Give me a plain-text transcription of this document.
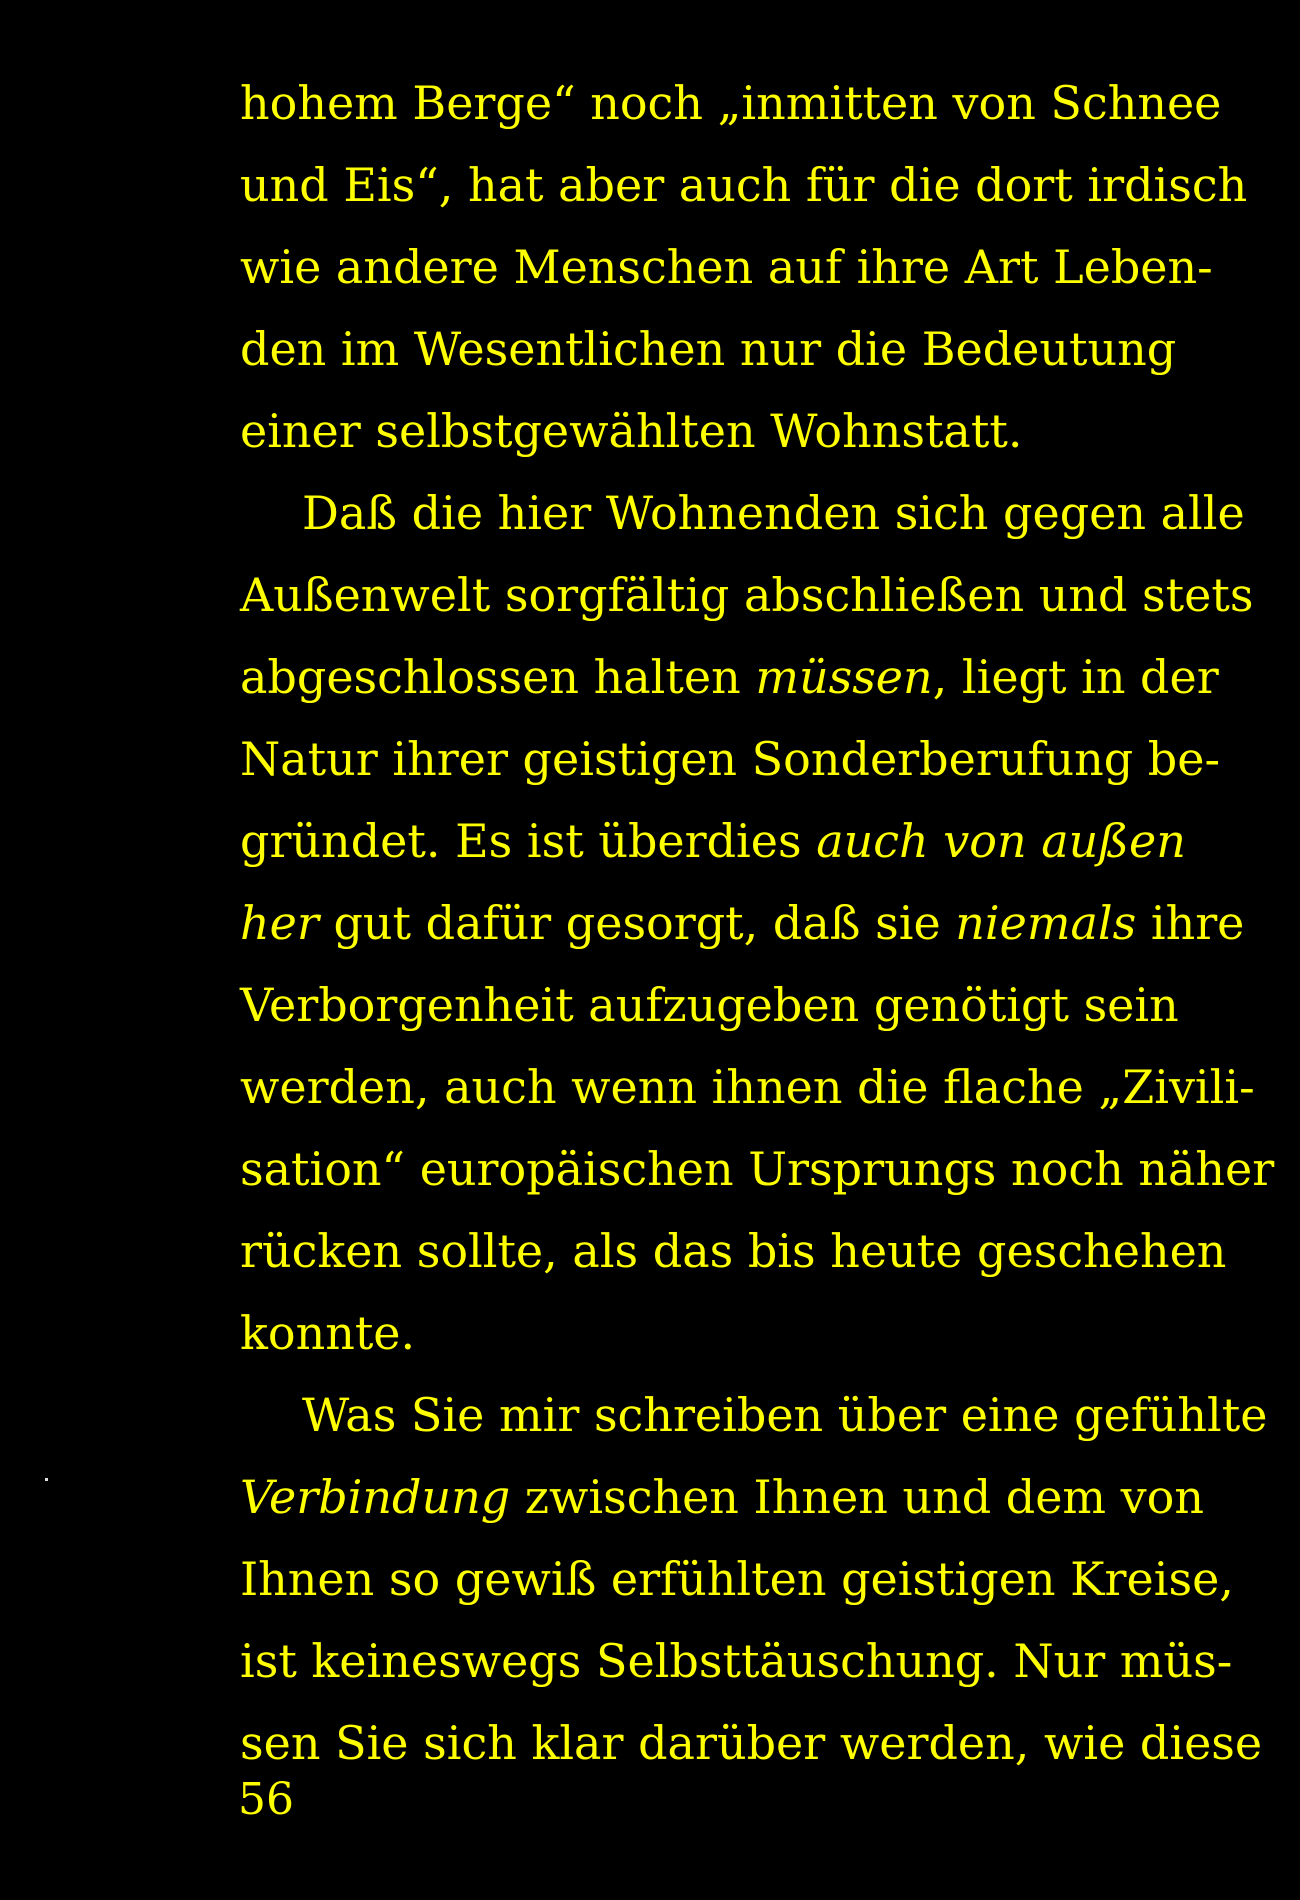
hohem Berge“ noch „inmitten von Schnee
und Eis“, hat aber auch für die dort irdisch
wie andere Menschen auf ihre Art Leben-
den im Wesentlichen nur die Bedeutung
einer selbstgewählten Wohnstatt.
Daß die hier Wohnenden sich gegen alle
Außenwelt sorgfältig abschließen und stets
abgeschlossen halten müssen, liegt in der
Natur ihrer geistigen Sonderberufung be-
gründet. Es ist überdies auch von außen
her gut dafür gesorgt, daß sie niemals ihre
Verborgenheit aufzugeben genötigt sein
werden, auch wenn ihnen die flache „Zivili-
sation“ europäischen Ursprungs noch näher
rücken sollte, als das bis heute geschehen
konnte.
Was Sie mir schreiben über eine gefühlte
Verbindung zwischen Ihnen und dem von
Ihnen so gewiß erfühlten geistigen Kreise,
ist keineswegs Selbsttäuschung. Nur müs-
sen Sie sich klar darüber werden, wie diese
56
